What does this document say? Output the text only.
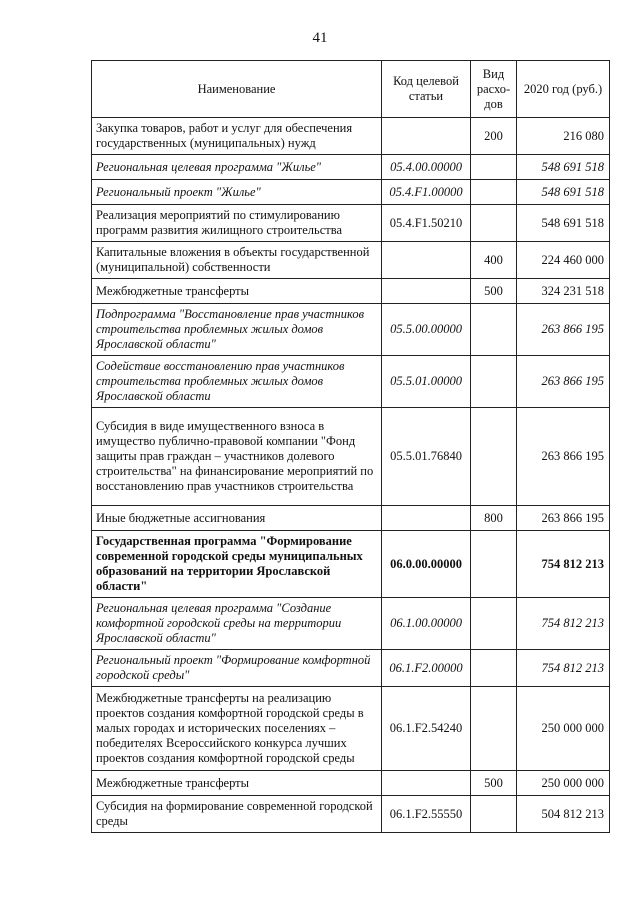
41
Наименование	Код целевой статьи	Вид расхо-дов	2020 год (руб.)
Закупка товаров, работ и услуг для обеспечения государственных (муниципальных) нужд		200	216 080
Региональная целевая программа "Жилье"	05.4.00.00000		548 691 518
Региональный проект "Жилье"	05.4.F1.00000		548 691 518
Реализация мероприятий по стимулированию программ развития жилищного строительства	05.4.F1.50210		548 691 518
Капитальные вложения в объекты государственной (муниципальной) собственности		400	224 460 000
Межбюджетные трансферты		500	324 231 518
Подпрограмма "Восстановление прав участников строительства проблемных жилых домов Ярославской области"	05.5.00.00000		263 866 195
Содействие восстановлению прав участников строительства проблемных жилых домов Ярославской области	05.5.01.00000		263 866 195
Субсидия в виде имущественного взноса в имущество публично-правовой компании "Фонд защиты прав граждан – участников долевого строительства" на финансирование мероприятий по восстановлению прав участников строительства	05.5.01.76840		263 866 195
Иные бюджетные ассигнования		800	263 866 195
Государственная программа "Формирование современной городской среды муниципальных образований на территории Ярославской области"	06.0.00.00000		754 812 213
Региональная целевая программа "Создание комфортной городской среды на территории Ярославской области"	06.1.00.00000		754 812 213
Региональный проект "Формирование комфортной городской среды"	06.1.F2.00000		754 812 213
Межбюджетные трансферты на реализацию проектов создания комфортной городской среды в малых городах и исторических поселениях – победителях Всероссийского конкурса лучших проектов создания комфортной городской среды	06.1.F2.54240		250 000 000
Межбюджетные трансферты		500	250 000 000
Субсидия на формирование современной городской среды	06.1.F2.55550		504 812 213
